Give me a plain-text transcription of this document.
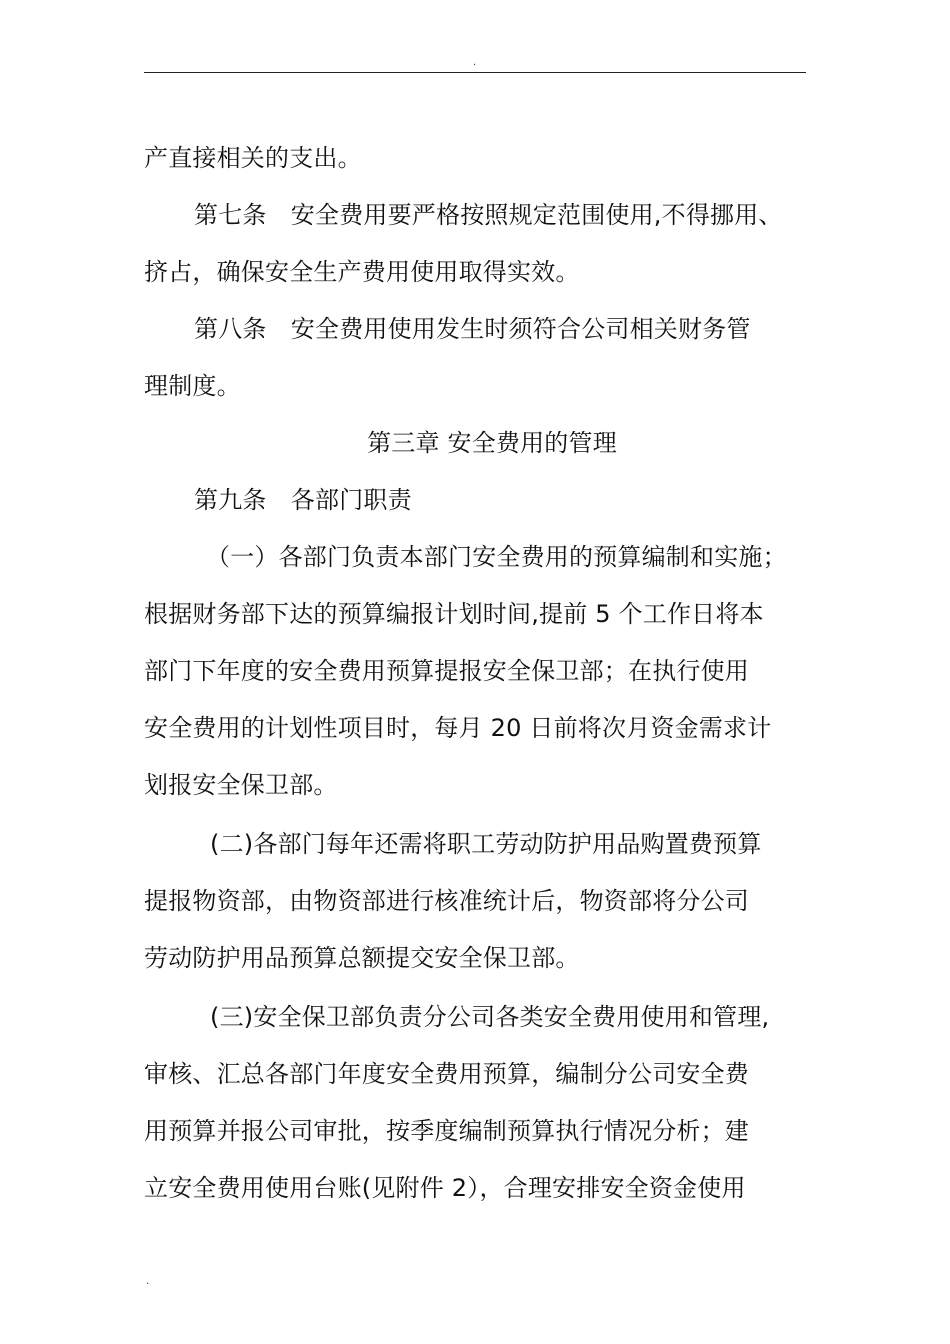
.
产直接相关的支出。
第七条　安全费用要严格按照规定范围使用,不得挪用、
挤占，确保安全生产费用使用取得实效。
第八条　安全费用使用发生时须符合公司相关财务管
理制度。
第三章 安全费用的管理
第九条　各部门职责
（一）各部门负责本部门安全费用的预算编制和实施；
根据财务部下达的预算编报计划时间,提前 5 个工作日将本
部门下年度的安全费用预算提报安全保卫部；在执行使用
安全费用的计划性项目时，每月 20 日前将次月资金需求计
划报安全保卫部。
(二)各部门每年还需将职工劳动防护用品购置费预算
提报物资部，由物资部进行核准统计后，物资部将分公司
劳动防护用品预算总额提交安全保卫部。
(三)安全保卫部负责分公司各类安全费用使用和管理,
审核、汇总各部门年度安全费用预算，编制分公司安全费
用预算并报公司审批，按季度编制预算执行情况分析；建
立安全费用使用台账(见附件 2），合理安排安全资金使用
.
